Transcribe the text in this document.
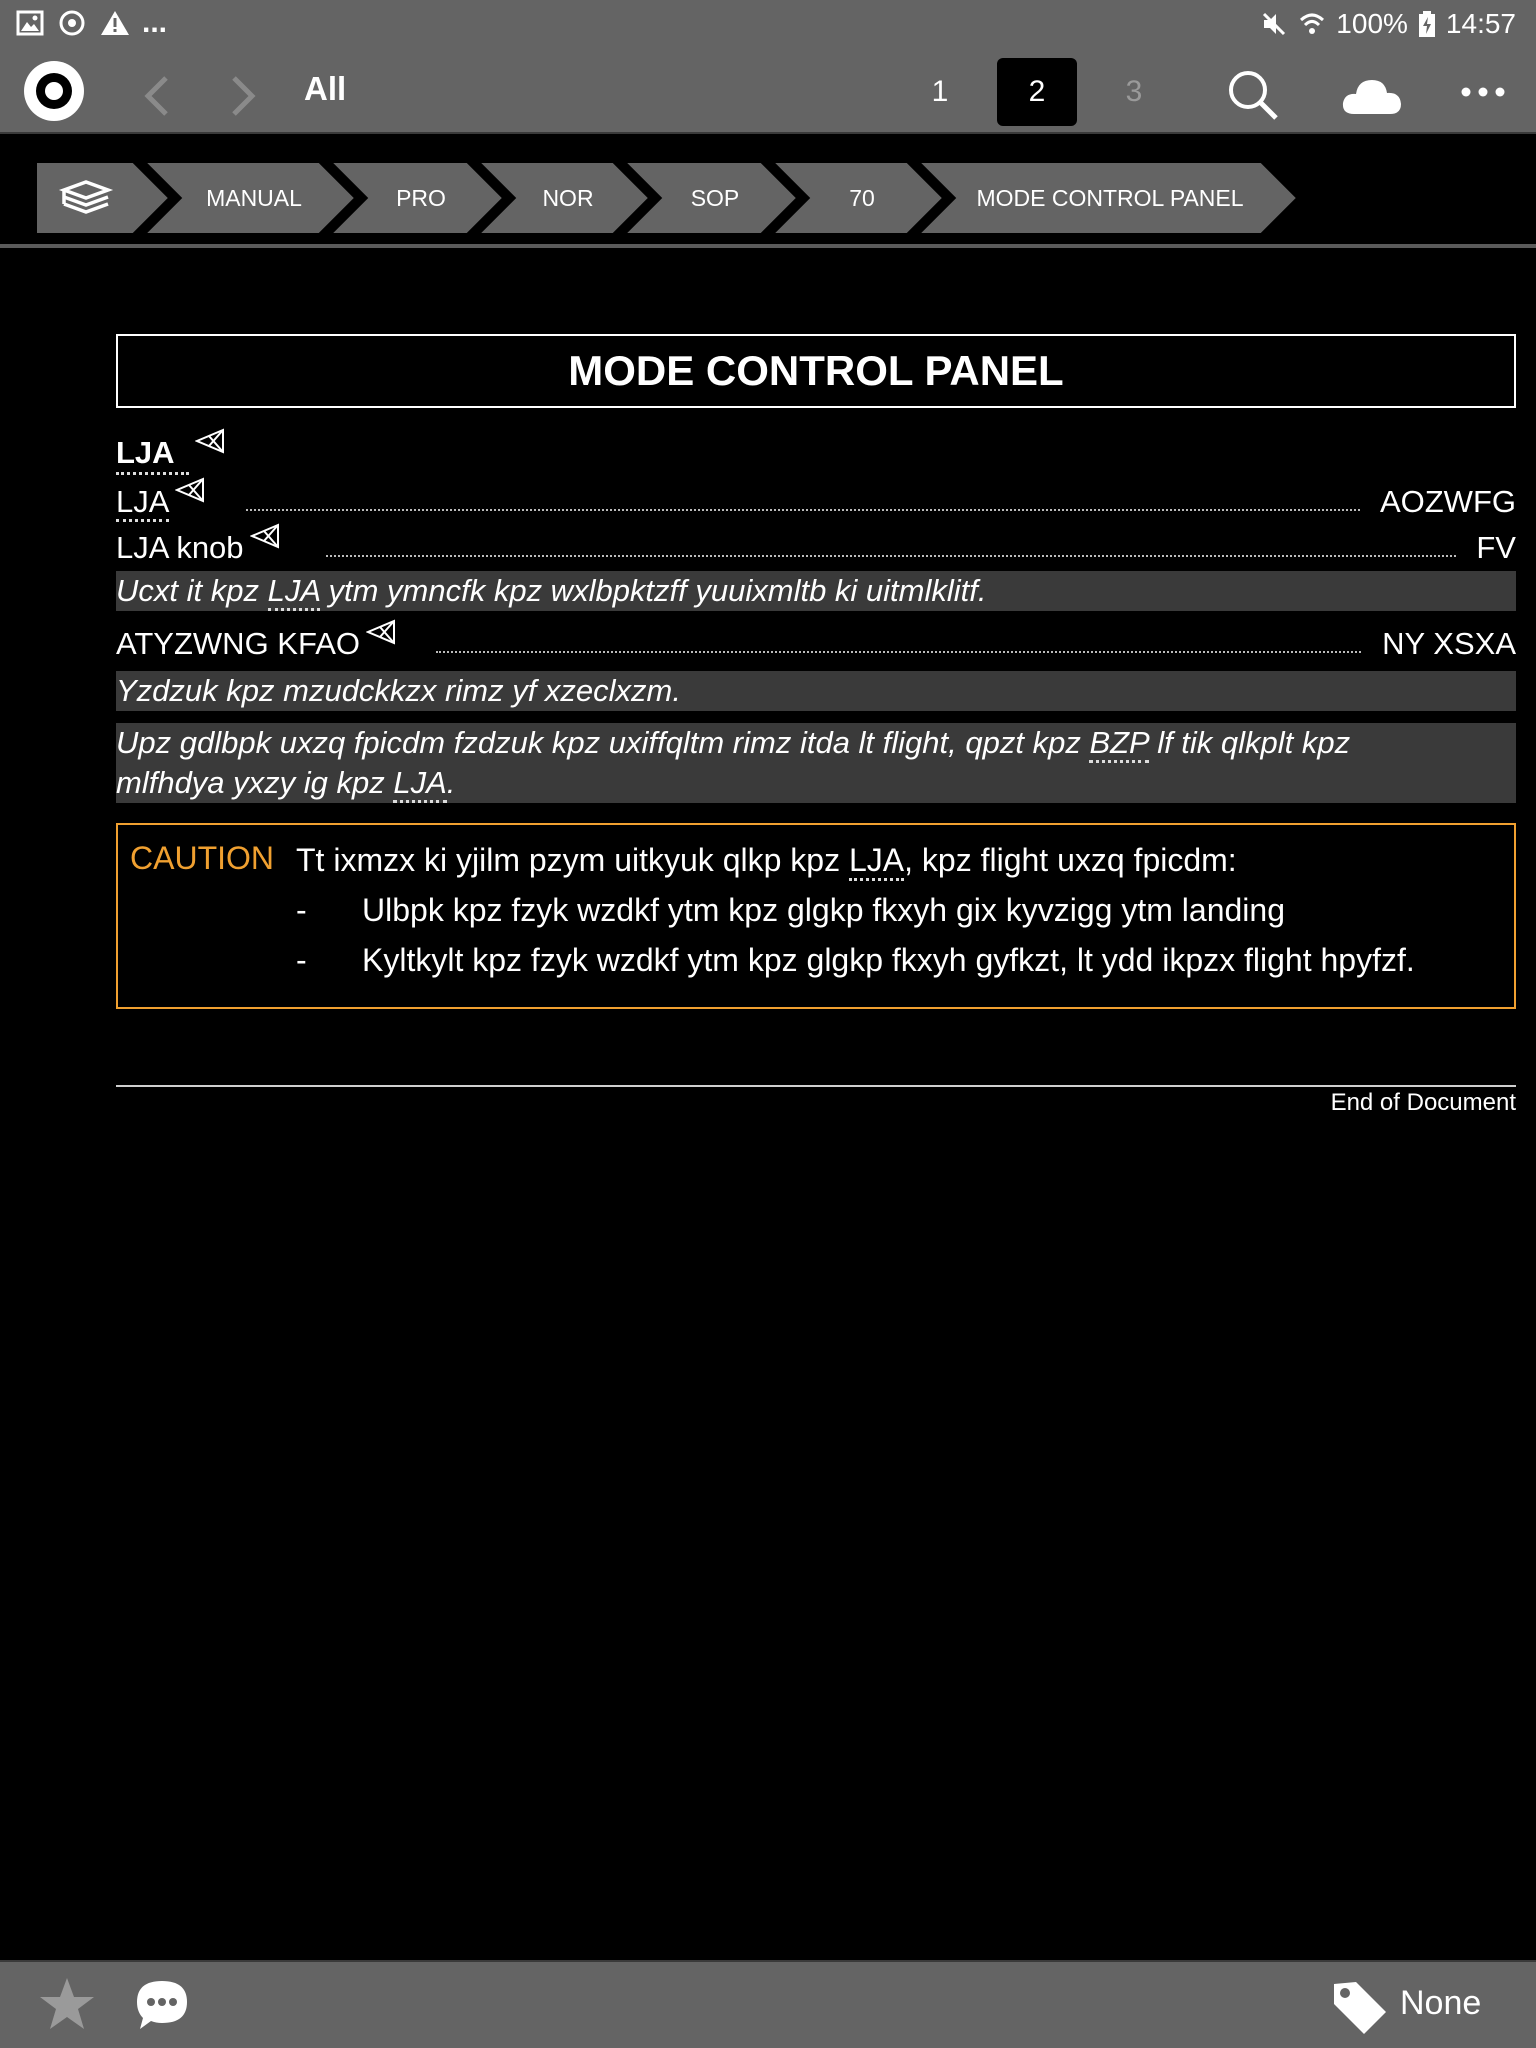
...	100% 14:57
All	1	2	3
MANUAL	PRO	NOR	SOP	70	MODE CONTROL PANEL
MODE CONTROL PANEL
LJA
LJA	AOZWFG
LJA knob	FV
Ucxt it kpz LJA ytm ymncfk kpz wxlbpktzff yuuixmltb ki uitmlklitf.
ATYZWNG KFAO	NY XSXA
Yzdzuk kpz mzudckkzx rimz yf xzeclxzm.
Upz gdlbpk uxzq fpicdm fzdzuk kpz uxiffqltm rimz itda lt flight, qpzt kpz BZP lf tik qlkplt kpz
mlfhdya yxzy ig kpz LJA.
CAUTION Tt ixmzx ki yjilm pzym uitkyuk qlkp kpz LJA, kpz flight uxzq fpicdm:
-	Ulbpk kpz fzyk wzdkf ytm kpz glgkp fkxyh gix kyvzigg ytm landing
-	Kyltkylt kpz fzyk wzdkf ytm kpz glgkp fkxyh gyfkzt, lt ydd ikpzx flight hpyfzf.
End of Document
None
